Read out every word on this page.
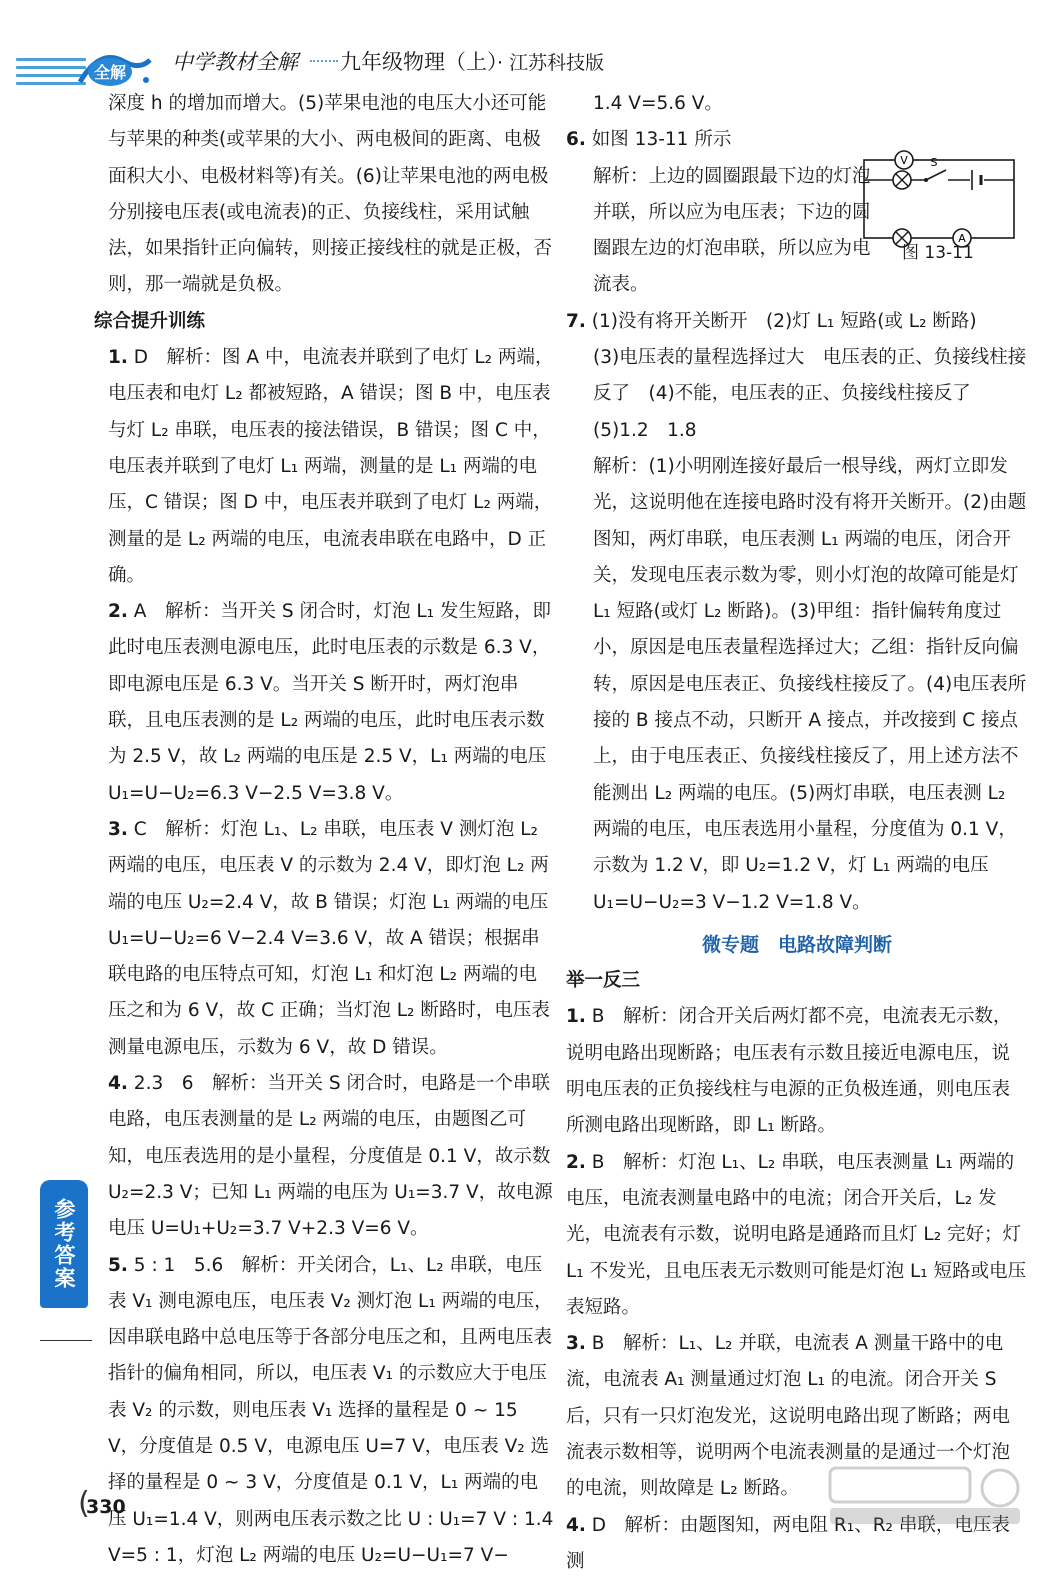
全解 中学教材全解 九年级物理（上）
· 江苏科技版

深度 h 的增加而增大。(5)苹果电池的电压大小还可能与苹果的种类(或苹果的大小、两电极间的距离、电极面积大小、电极材料等)有关。(6)让苹果电池的两电极分别接电压表(或电流表)的正、负接线柱，采用试触法，如果指针正向偏转，则接正接线柱的就是正极，否则，那一端就是负极。

综合提升训练

1. D　解析：图 A 中，电流表并联到了电灯 L₂ 两端，电压表和电灯 L₂ 都被短路，A 错误；图 B 中，电压表与灯 L₂ 串联，电压表的接法错误，B 错误；图 C 中，电压表并联到了电灯 L₁ 两端，测量的是 L₁ 两端的电压，C 错误；图 D 中，电压表并联到了电灯 L₂ 两端，测量的是 L₂ 两端的电压，电流表串联在电路中，D 正确。

2. A　解析：当开关 S 闭合时，灯泡 L₁ 发生短路，即此时电压表测电源电压，此时电压表的示数是 6.3 V，即电源电压是 6.3 V。当开关 S 断开时，两灯泡串联，且电压表测的是 L₂ 两端的电压，此时电压表示数为 2.5 V，故 L₂ 两端的电压是 2.5 V，L₁ 两端的电压 U₁=U−U₂=6.3 V−2.5 V=3.8 V。

3. C　解析：灯泡 L₁、L₂ 串联，电压表 V 测灯泡 L₂ 两端的电压，电压表 V 的示数为 2.4 V，即灯泡 L₂ 两端的电压 U₂=2.4 V，故 B 错误；灯泡 L₁ 两端的电压 U₁=U−U₂=6 V−2.4 V=3.6 V，故 A 错误；根据串联电路的电压特点可知，灯泡 L₁ 和灯泡 L₂ 两端的电压之和为 6 V，故 C 正确；当灯泡 L₂ 断路时，电压表测量电源电压，示数为 6 V，故 D 错误。

4. 2.3　6　解析：当开关 S 闭合时，电路是一个串联电路，电压表测量的是 L₂ 两端的电压，由题图乙可知，电压表选用的是小量程，分度值是 0.1 V，故示数 U₂=2.3 V；已知 L₁ 两端的电压为 U₁=3.7 V，故电源电压 U=U₁+U₂=3.7 V+2.3 V=6 V。

5. 5 : 1　5.6　解析：开关闭合，L₁、L₂ 串联，电压表 V₁ 测电源电压，电压表 V₂ 测灯泡 L₁ 两端的电压，因串联电路中总电压等于各部分电压之和，且两电压表指针的偏角相同，所以，电压表 V₁ 的示数应大于电压表 V₂ 的示数，则电压表 V₁ 选择的量程是 0 ~ 15 V，分度值是 0.5 V，电源电压 U=7 V，电压表 V₂ 选择的量程是 0 ~ 3 V，分度值是 0.1 V，L₁ 两端的电压 U₁=1.4 V，则两电压表示数之比 U : U₁=7 V : 1.4 V=5 : 1，灯泡 L₂ 两端的电压 U₂=U−U₁=7 V−

1.4 V=5.6 V。

6. 如图 13-11 所示

解析：上边的圆圈跟最下边的灯泡并联，所以应为电压表；下边的圆圈跟左边的灯泡串联，所以应为电流表。

7. (1)没有将开关断开　(2)灯 L₁ 短路(或 L₂ 断路)

(3)电压表的量程选择过大　电压表的正、负接线柱接反了　(4)不能，电压表的正、负接线柱接反了　(5)1.2　1.8

解析：(1)小明刚连接好最后一根导线，两灯立即发光，这说明他在连接电路时没有将开关断开。(2)由题图知，两灯串联，电压表测 L₁ 两端的电压，闭合开关，发现电压表示数为零，则小灯泡的故障可能是灯 L₁ 短路(或灯 L₂ 断路)。(3)甲组：指针偏转角度过小，原因是电压表量程选择过大；乙组：指针反向偏转，原因是电压表正、负接线柱接反了。(4)电压表所接的 B 接点不动，只断开 A 接点，并改接到 C 接点上，由于电压表正、负接线柱接反了，用上述方法不能测出 L₂ 两端的电压。(5)两灯串联，电压表测 L₂ 两端的电压，电压表选用小量程，分度值为 0.1 V，示数为 1.2 V，即 U₂=1.2 V，灯 L₁ 两端的电压 U₁=U−U₂=3 V−1.2 V=1.8 V。

微专题　电路故障判断

举一反三

1. B　解析：闭合开关后两灯都不亮，电流表无示数，说明电路出现断路；电压表有示数且接近电源电压，说明电压表的正负接线柱与电源的正负极连通，则电压表所测电路出现断路，即 L₁ 断路。

2. B　解析：灯泡 L₁、L₂ 串联，电压表测量 L₁ 两端的电压，电流表测量电路中的电流；闭合开关后，L₂ 发光，电流表有示数，说明电路是通路而且灯 L₂ 完好；灯 L₁ 不发光，且电压表无示数则可能是灯泡 L₁ 短路或电压表短路。

3. B　解析：L₁、L₂ 并联，电流表 A 测量干路中的电流，电流表 A₁ 测量通过灯泡 L₁ 的电流。闭合开关 S 后，只有一只灯泡发光，这说明电路出现了断路；两电流表示数相等，说明两个电流表测量的是通过一个灯泡的电流，则故障是 L₂ 断路。

4. D　解析：由题图知，两电阻 R₁、R₂ 串联，电压表测

V S
A
图 13-11
参考答案
(
330
